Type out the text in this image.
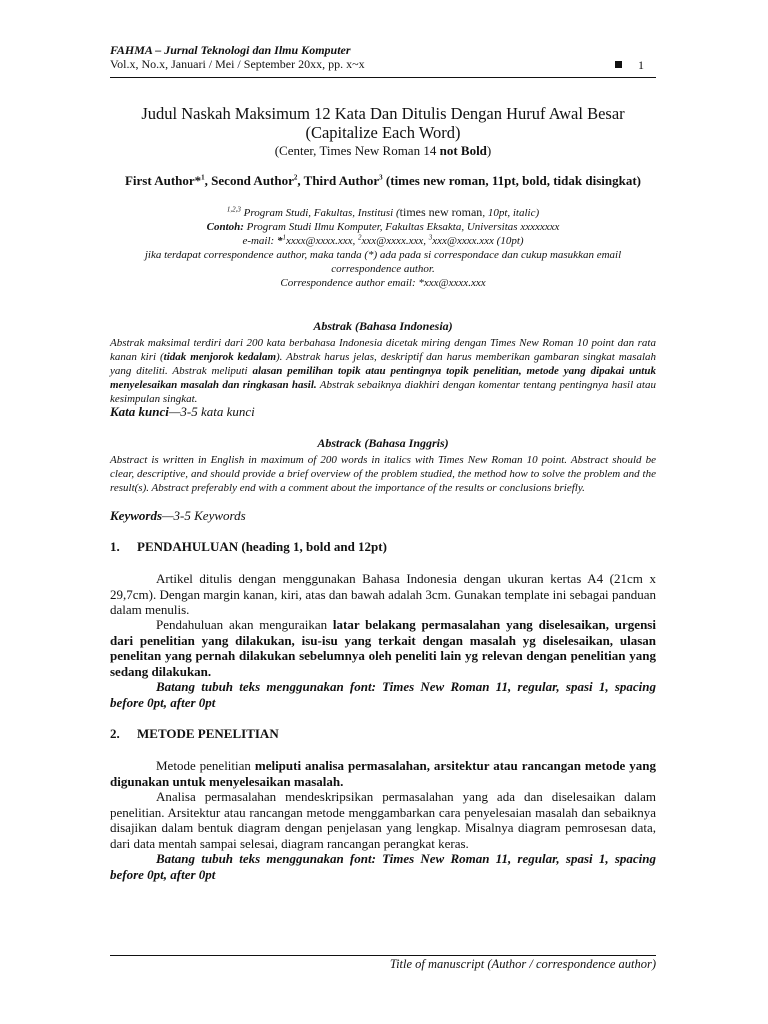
FAHMA – Jurnal Teknologi dan Ilmu Komputer
Vol.x, No.x, Januari / Mei / September 20xx, pp. x~x	1
Judul Naskah Maksimum 12 Kata Dan Ditulis Dengan Huruf Awal Besar
(Capitalize Each Word)
(Center, Times New Roman 14 not Bold)
First Author*$^1$, Second Author$^2$, Third Author$^3$ (times new roman, 11pt, bold, tidak disingkat)
$^{1,2,3}$ Program Studi, Fakultas, Institusi (times new roman, 10pt, italic)
Contoh: Program Studi Ilmu Komputer, Fakultas Eksakta, Universitas xxxxxxxx
e-mail: *$^1$xxxx@xxxx.xxx, $^2$xxx@xxxx.xxx, $^3$xxx@xxxx.xxx (10pt)
jika terdapat correspondence author, maka tanda (*) ada pada si correspondace dan cukup masukkan email correspondence author.
Correspondence author email: *xxx@xxxx.xxx
Abstrak (Bahasa Indonesia)
Abstrak maksimal terdiri dari 200 kata berbahasa Indonesia dicetak miring dengan Times New Roman 10 point dan rata kanan kiri (tidak menjorok kedalam). Abstrak harus jelas, deskriptif dan harus memberikan gambaran singkat masalah yang diteliti. Abstrak meliputi alasan pemilihan topik atau pentingnya topik penelitian, metode yang dipakai untuk menyelesaikan masalah dan ringkasan hasil. Abstrak sebaiknya diakhiri dengan komentar tentang pentingnya hasil atau kesimpulan singkat.
Kata kunci—3-5 kata kunci
Abstrack (Bahasa Inggris)
Abstract is written in English in maximum of 200 words in italics with Times New Roman 10 point. Abstract should be clear, descriptive, and should provide a brief overview of the problem studied, the method how to solve the problem and the result(s). Abstract preferably end with a comment about the importance of the results or conclusions briefly.
Keywords—3-5 Keywords
1. PENDAHULUAN (heading 1, bold and 12pt)
Artikel ditulis dengan menggunakan Bahasa Indonesia dengan ukuran kertas A4 (21cm x 29,7cm). Dengan margin kanan, kiri, atas dan bawah adalah 3cm. Gunakan template ini sebagai panduan dalam menulis.
Pendahuluan akan menguraikan latar belakang permasalahan yang diselesaikan, urgensi dari penelitian yang dilakukan, isu-isu yang terkait dengan masalah yg diselesaikan, ulasan penelitan yang pernah dilakukan sebelumnya oleh peneliti lain yg relevan dengan penelitian yang sedang dilakukan.
Batang tubuh teks menggunakan font: Times New Roman 11, regular, spasi 1, spacing before 0pt, after 0pt
2. METODE PENELITIAN
Metode penelitian meliputi analisa permasalahan, arsitektur atau rancangan metode yang digunakan untuk menyelesaikan masalah.
Analisa permasalahan mendeskripsikan permasalahan yang ada dan diselesaikan dalam penelitian. Arsitektur atau rancangan metode menggambarkan cara penyelesaian masalah dan sebaiknya disajikan dalam bentuk diagram dengan penjelasan yang lengkap. Misalnya diagram pemrosesan data, dari data mentah sampai selesai, diagram rancangan perangkat keras.
Batang tubuh teks menggunakan font: Times New Roman 11, regular, spasi 1, spacing before 0pt, after 0pt
Title of manuscript (Author / correspondence author)
